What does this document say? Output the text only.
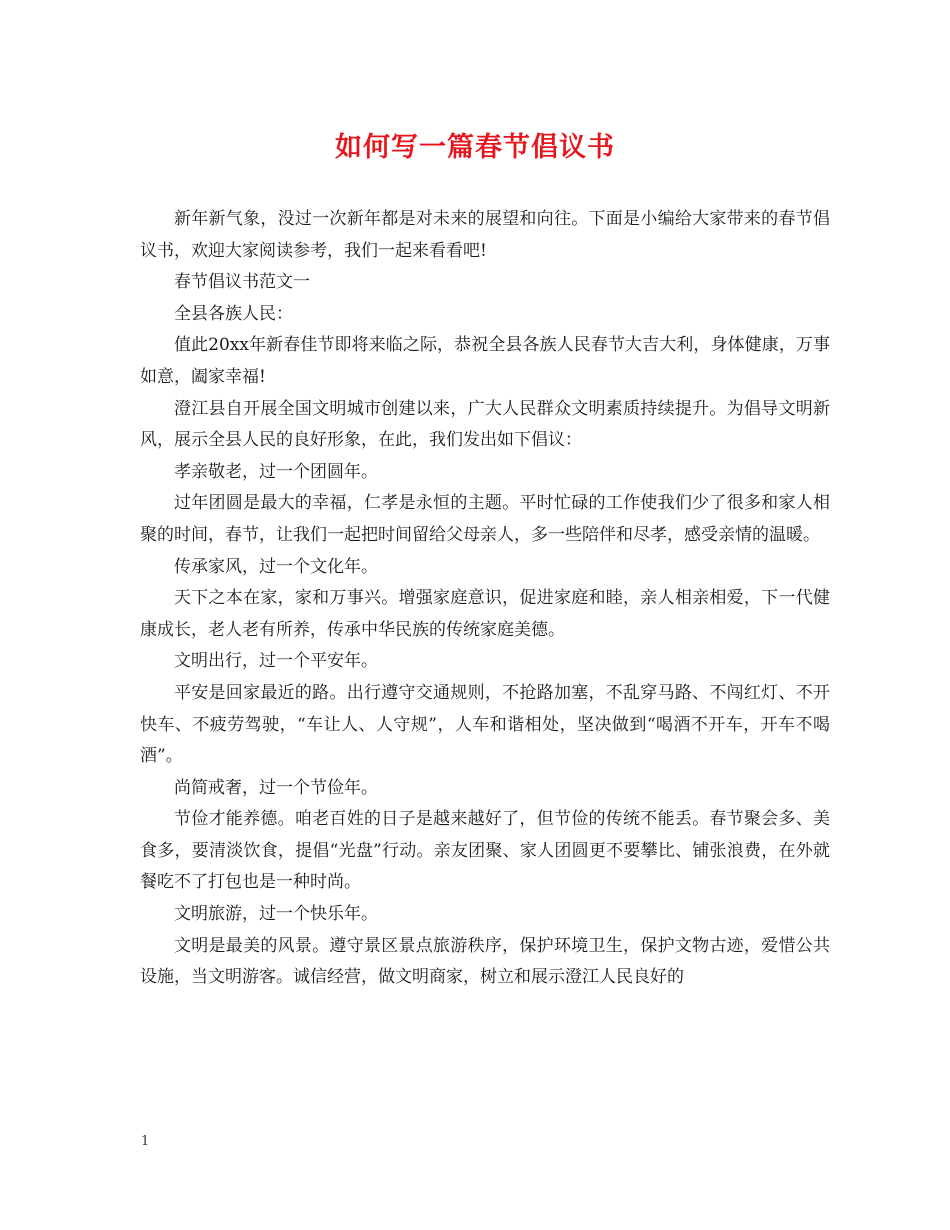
如何写一篇春节倡议书

新年新气象，没过一次新年都是对未来的展望和向往。下面是小编给大家带来的春节倡议书，欢迎大家阅读参考，我们一起来看看吧!

春节倡议书范文一

全县各族人民：

值此20xx年新春佳节即将来临之际，恭祝全县各族人民春节大吉大利，身体健康，万事如意，阖家幸福!

澄江县自开展全国文明城市创建以来，广大人民群众文明素质持续提升。为倡导文明新风，展示全县人民的良好形象，在此，我们发出如下倡议：

孝亲敬老，过一个团圆年。

过年团圆是最大的幸福，仁孝是永恒的主题。平时忙碌的工作使我们少了很多和家人相聚的时间，春节，让我们一起把时间留给父母亲人，多一些陪伴和尽孝，感受亲情的温暖。

传承家风，过一个文化年。

天下之本在家，家和万事兴。增强家庭意识，促进家庭和睦，亲人相亲相爱，下一代健康成长，老人老有所养，传承中华民族的传统家庭美德。

文明出行，过一个平安年。

平安是回家最近的路。出行遵守交通规则，不抢路加塞，不乱穿马路、不闯红灯、不开快车、不疲劳驾驶，“车让人、人守规”，人车和谐相处，坚决做到“喝酒不开车，开车不喝酒”。

尚简戒奢，过一个节俭年。

节俭才能养德。咱老百姓的日子是越来越好了，但节俭的传统不能丢。春节聚会多、美食多，要清淡饮食，提倡“光盘”行动。亲友团聚、家人团圆更不要攀比、铺张浪费，在外就餐吃不了打包也是一种时尚。

文明旅游，过一个快乐年。

文明是最美的风景。遵守景区景点旅游秩序，保护环境卫生，保护文物古迹，爱惜公共设施，当文明游客。诚信经营，做文明商家，树立和展示澄江人民良好的

1
